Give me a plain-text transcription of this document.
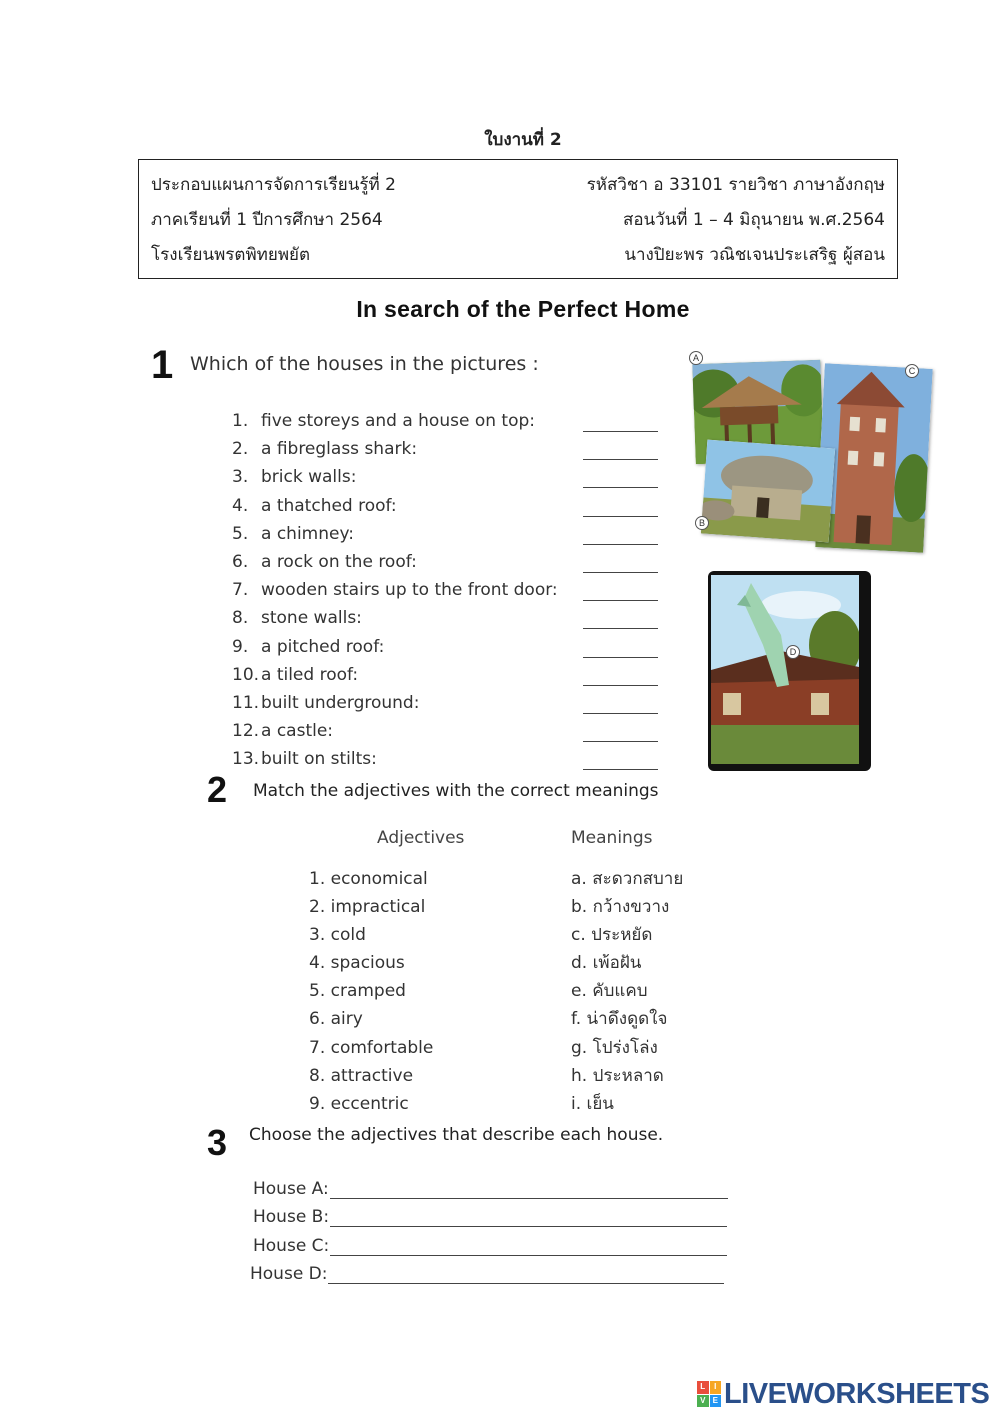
ใบงานที่ 2
ประกอบแผนการจัดการเรียนรู้ที่ 2
ภาคเรียนที่ 1 ปีการศึกษา 2564
โรงเรียนพรตพิทยพยัต
รหัสวิชา อ 33101 รายวิชา ภาษาอังกฤษ
สอนวันที่ 1 – 4 มิถุนายน พ.ศ.2564
นางปิยะพร วณิชเจนประเสริฐ ผู้สอน
In search of the Perfect Home
1 Which of the houses in the pictures :
1. five storeys and a house on top:
2. a fibreglass shark:
3. brick walls:
4. a thatched roof:
5. a chimney:
6. a rock on the roof:
7. wooden stairs up to the front door:
8. stone walls:
9. a pitched roof:
10. a tiled roof:
11. built underground:
12. a castle:
13. built on stilts:
A
B
C
D
2 Match the adjectives with the correct meanings
Adjectives	Meanings
1. economical
2. impractical
3. cold
4. spacious
5. cramped
6. airy
7. comfortable
8. attractive
9. eccentric
a. สะดวกสบาย
b. กว้างขวาง
c. ประหยัด
d. เพ้อฝัน
e. คับแคบ
f. น่าดึงดูดใจ
g. โปร่งโล่ง
h. ประหลาด
i. เย็น
3 Choose the adjectives that describe each house.
House A:
House B:
House C:
House D:
L	I
V E LIVEWORKSHEETS
